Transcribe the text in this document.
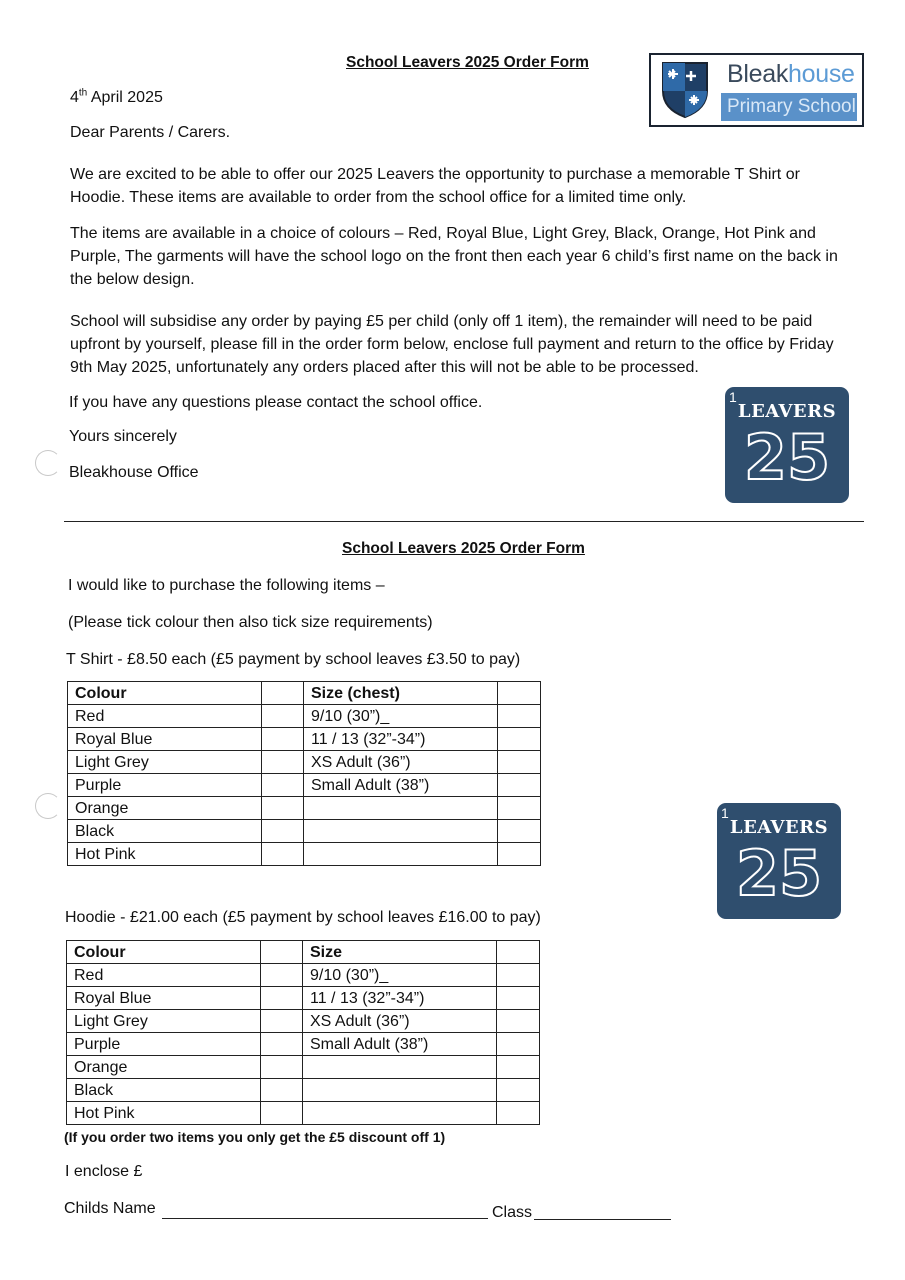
School Leavers 2025 Order Form	Bleakhouse
Primary School
4th April 2025
Dear Parents / Carers.
We are excited to be able to offer our 2025 Leavers the opportunity to purchase a memorable T Shirt or Hoodie. These items are available to order from the school office for a limited time only.
The items are available in a choice of colours – Red, Royal Blue, Light Grey, Black, Orange, Hot Pink and Purple, The garments will have the school logo on the front then each year 6 child’s first name on the back in the below design.
School will subsidise any order by paying £5 per child (only off 1 item), the remainder will need to be paid upfront by yourself, please fill in the order form below, enclose full payment and return to the office by Friday 9th May 2025, unfortunately any orders placed after this will not be able to be processed.
If you have any questions please contact the school office.
Yours sincerely
Bleakhouse Office
1
LEAVERS
25
School Leavers 2025 Order Form
I would like to purchase the following items –
(Please tick colour then also tick size requirements)
T Shirt - £8.50 each (£5 payment by school leaves £3.50 to pay)
Colour		Size (chest)	
Red		9/10 (30”)_	
Royal Blue		11 / 13 (32”-34”)	
Light Grey		XS Adult (36”)	
Purple		Small Adult (38”)	
Orange			
Black			
Hot Pink			
1
LEAVERS
25
Hoodie - £21.00 each (£5 payment by school leaves £16.00 to pay)
Colour		Size	
Red		9/10 (30”)_	
Royal Blue		11 / 13 (32”-34”)	
Light Grey		XS Adult (36”)	
Purple		Small Adult (38”)	
Orange			
Black			
Hot Pink			
(If you order two items you only get the £5 discount off 1)
I enclose £
Childs Name	Class
